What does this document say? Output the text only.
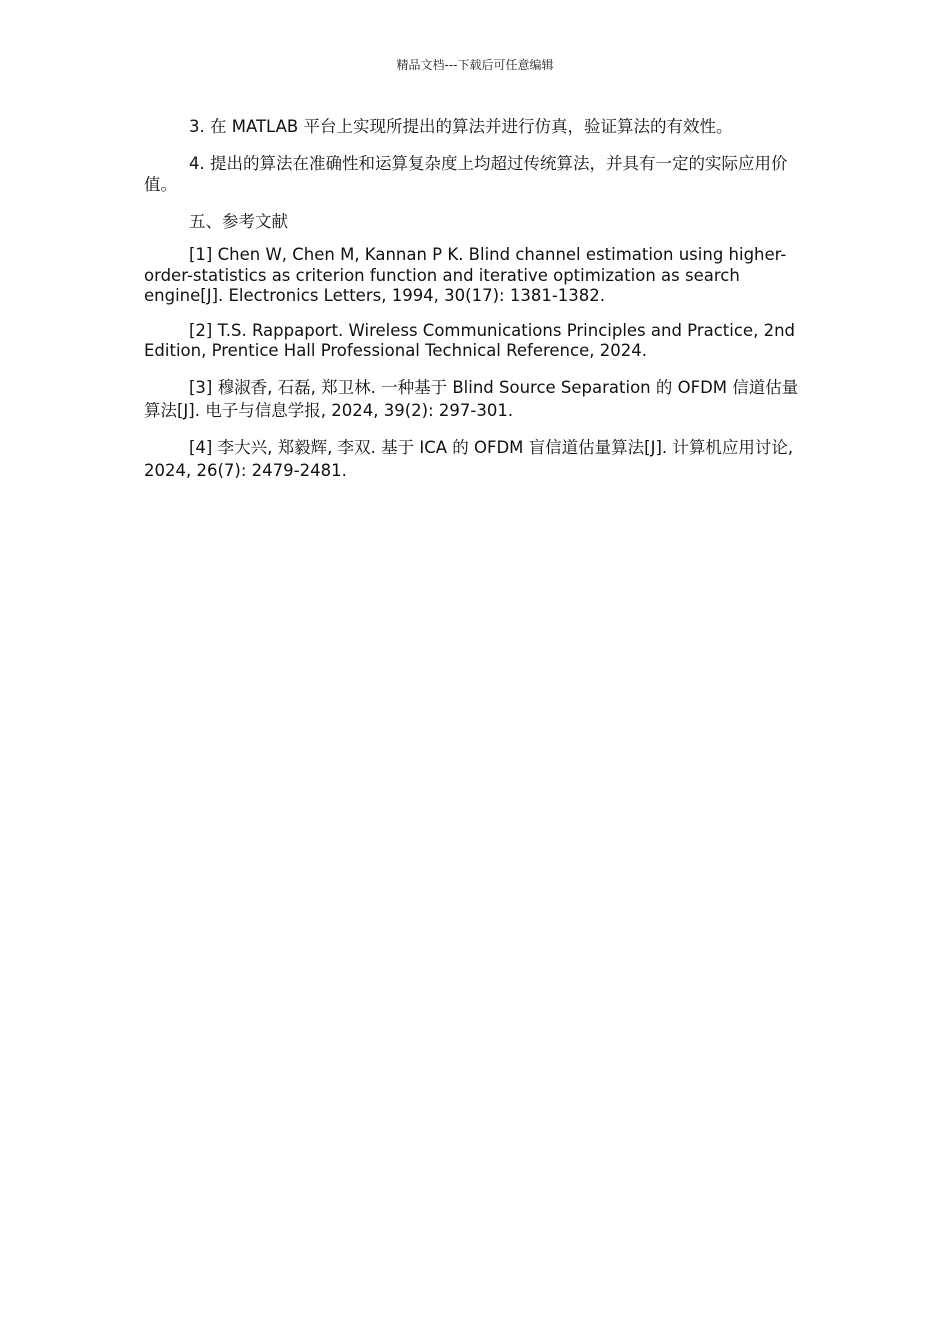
精品文档---下载后可任意编辑

3. 在 MATLAB 平台上实现所提出的算法并进行仿真，验证算法的有效性。

4. 提出的算法在准确性和运算复杂度上均超过传统算法，并具有一定的实际应用价值。

五、参考文献

[1] Chen W, Chen M, Kannan P K. Blind channel estimation using higher-order-statistics as criterion function and iterative optimization as search engine[J]. Electronics Letters, 1994, 30(17): 1381-1382.

[2] T.S. Rappaport. Wireless Communications Principles and Practice, 2nd Edition, Prentice Hall Professional Technical Reference, 2024.

[3] 穆淑香, 石磊, 郑卫林. 一种基于 Blind Source Separation 的 OFDM 信道估量算法[J]. 电子与信息学报, 2024, 39(2): 297-301.

[4] 李大兴, 郑毅辉, 李双. 基于 ICA 的 OFDM 盲信道估量算法[J]. 计算机应用讨论, 2024, 26(7): 2479-2481.
